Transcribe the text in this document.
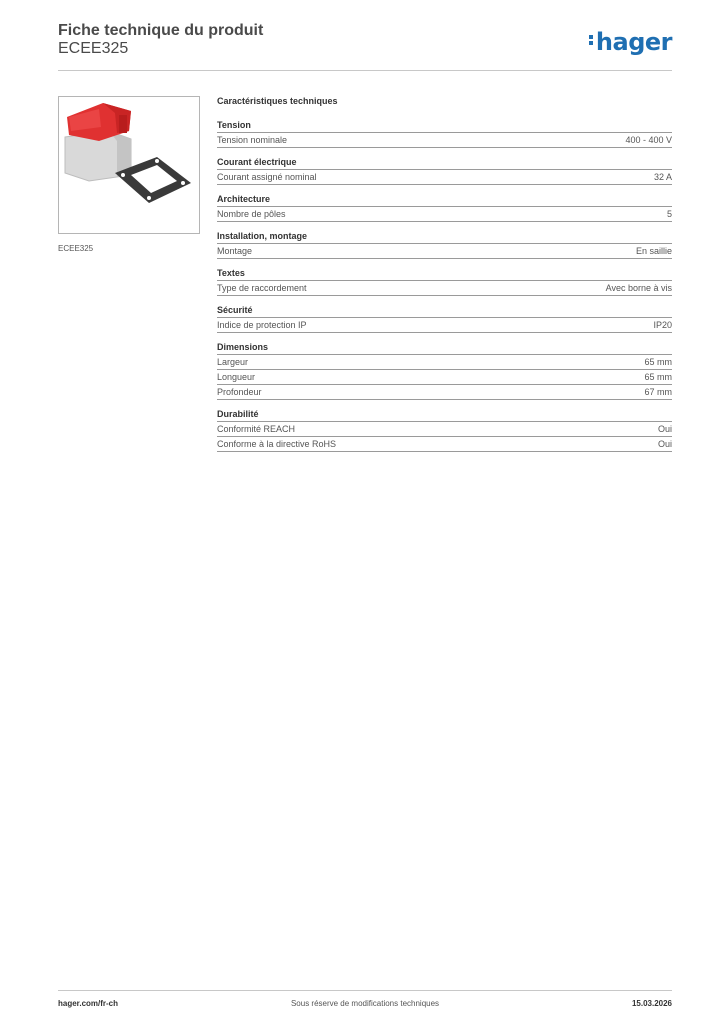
Fiche technique du produit
ECEE325	hager
ECEE325
Caractéristiques techniques
Tension
Tension nominale	400 - 400 V
Courant électrique
Courant assigné nominal	32 A
Architecture
Nombre de pôles	5
Installation, montage
Montage	En saillie
Textes
Type de raccordement	Avec borne à vis
Sécurité
Indice de protection IP	IP20
Dimensions
Largeur	65 mm
Longueur	65 mm
Profondeur	67 mm
Durabilité
Conformité REACH	Oui
Conforme à la directive RoHS	Oui
hager.com/fr-ch	Sous réserve de modifications techniques	15.03.2026
